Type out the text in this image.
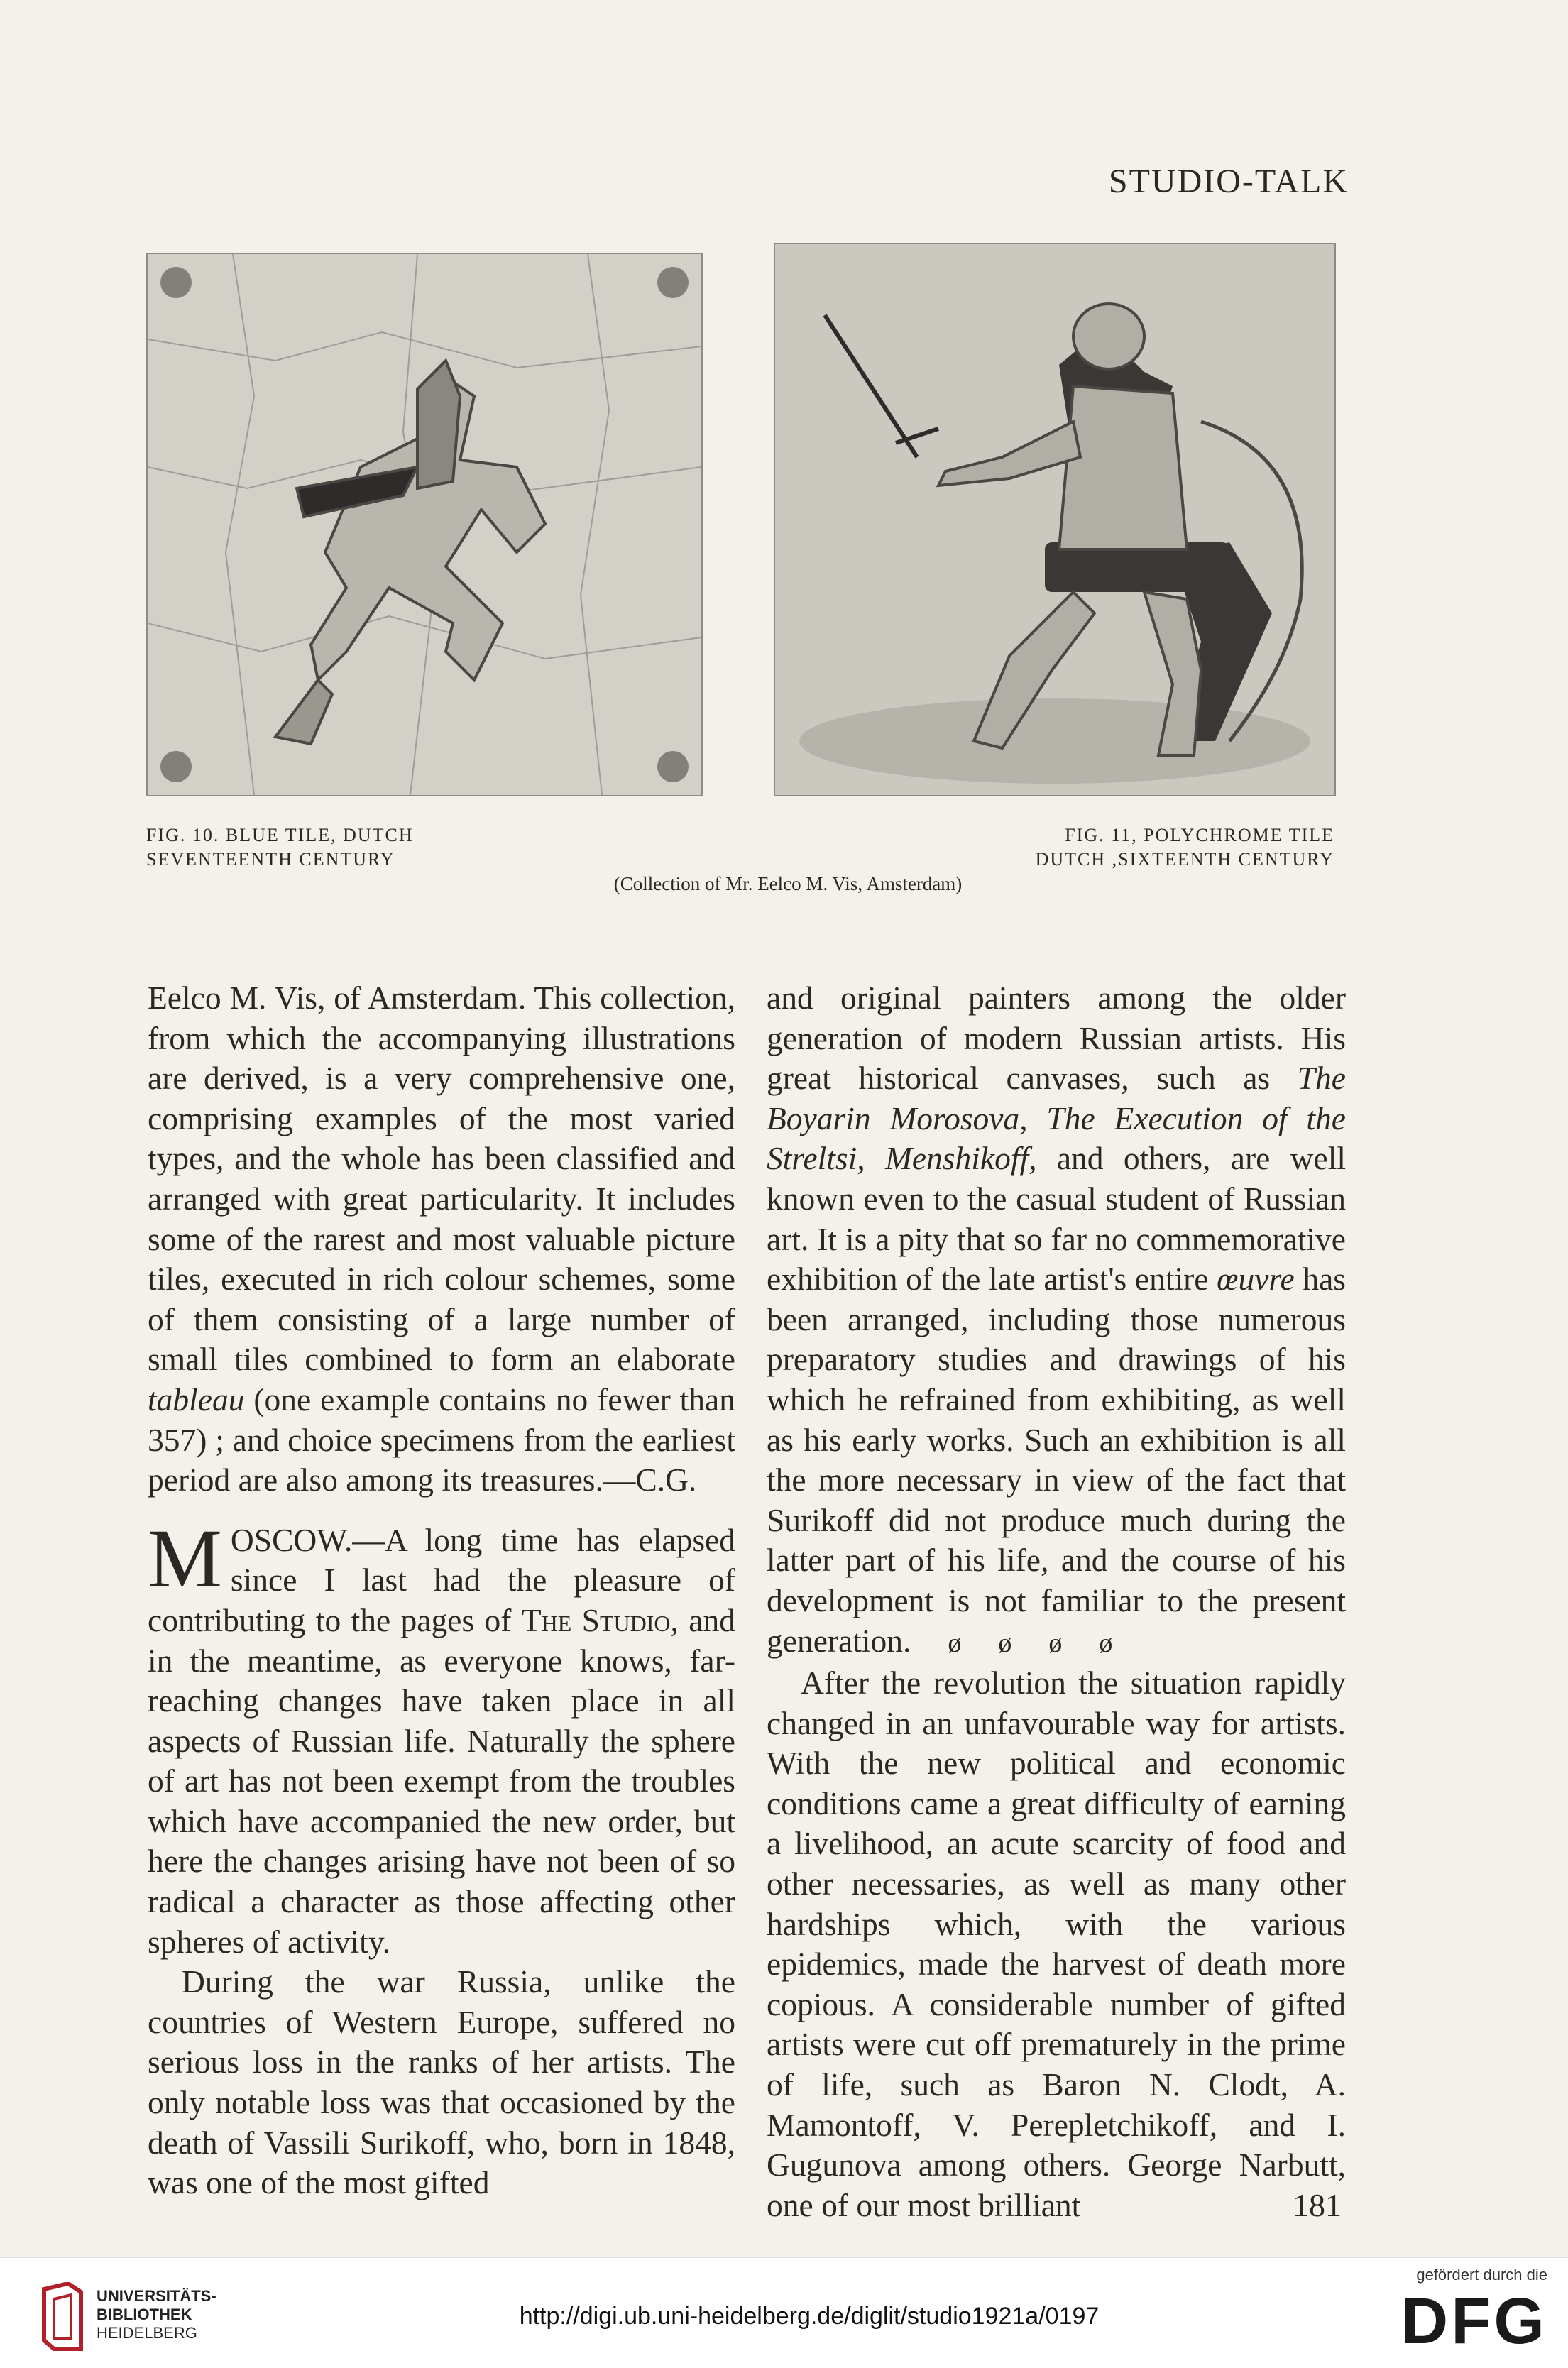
STUDIO-TALK
FIG. 10. BLUE TILE, DUTCH
SEVENTEENTH CENTURY
FIG. 11, POLYCHROME TILE
DUTCH ,SIXTEENTH CENTURY
(Collection of Mr. Eelco M. Vis, Amsterdam)

Eelco M. Vis, of Amsterdam. This collection, from which the accompanying illustrations are derived, is a very comprehensive one, comprising examples of the most varied types, and the whole has been classified and arranged with great particularity. It includes some of the rarest and most valuable picture tiles, executed in rich colour schemes, some of them consisting of a large number of small tiles combined to form an elaborate tableau (one example contains no fewer than 357) ; and choice specimens from the earliest period are also among its treasures.—C.G.

MOSCOW.—A long time has elapsed since I last had the pleasure of contributing to the pages of The Studio, and in the meantime, as everyone knows, far-reaching changes have taken place in all aspects of Russian life. Naturally the sphere of art has not been exempt from the troubles which have accompanied the new order, but here the changes arising have not been of so radical a character as those affecting other spheres of activity.

During the war Russia, unlike the countries of Western Europe, suffered no serious loss in the ranks of her artists. The only notable loss was that occasioned by the death of Vassili Surikoff, who, born in 1848, was one of the most gifted

and original painters among the older generation of modern Russian artists. His great historical canvases, such as The Boyarin Morosova, The Execution of the Streltsi, Menshikoff, and others, are well known even to the casual student of Russian art. It is a pity that so far no commemorative exhibition of the late artist's entire œuvre has been arranged, including those numerous preparatory studies and drawings of his which he refrained from exhibiting, as well as his early works. Such an exhibition is all the more necessary in view of the fact that Surikoff did not produce much during the latter part of his life, and the course of his development is not familiar to the present generation. ø ø ø ø

After the revolution the situation rapidly changed in an unfavourable way for artists. With the new political and economic conditions came a great difficulty of earning a livelihood, an acute scarcity of food and other necessaries, as well as many other hardships which, with the various epidemics, made the harvest of death more copious. A considerable number of gifted artists were cut off prematurely in the prime of life, such as Baron N. Clodt, A. Mamontoff, V. Perepletchikoff, and I. Gugunova among others. George Narbutt, one of our most brilliant	181
UNIVERSITÄTS-
BIBLIOTHEK
HEIDELBERG
http://digi.ub.uni-heidelberg.de/diglit/studio1921a/0197
gefördert durch die
DFG
